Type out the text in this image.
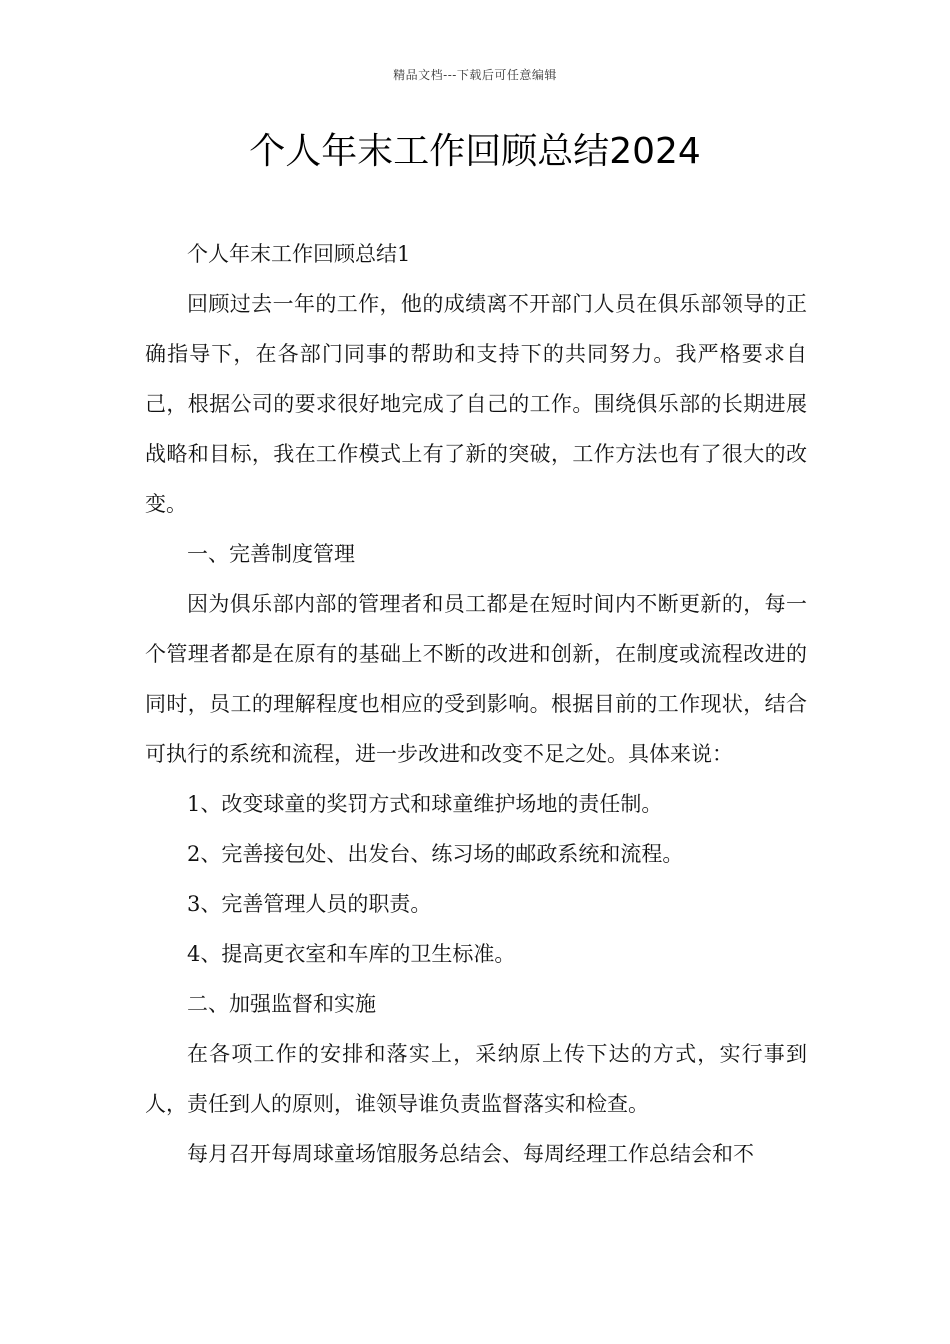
精品文档---下载后可任意编辑
个人年末工作回顾总结2024

个人年末工作回顾总结1

回顾过去一年的工作，他的成绩离不开部门人员在俱乐部领导的正确指导下，在各部门同事的帮助和支持下的共同努力。我严格要求自己，根据公司的要求很好地完成了自己的工作。围绕俱乐部的长期进展战略和目标，我在工作模式上有了新的突破，工作方法也有了很大的改变。

一、完善制度管理

因为俱乐部内部的管理者和员工都是在短时间内不断更新的，每一个管理者都是在原有的基础上不断的改进和创新，在制度或流程改进的同时，员工的理解程度也相应的受到影响。根据目前的工作现状，结合可执行的系统和流程，进一步改进和改变不足之处。具体来说：

1、改变球童的奖罚方式和球童维护场地的责任制。

2、完善接包处、出发台、练习场的邮政系统和流程。

3、完善管理人员的职责。

4、提高更衣室和车库的卫生标准。

二、加强监督和实施

在各项工作的安排和落实上，采纳原上传下达的方式，实行事到人，责任到人的原则，谁领导谁负责监督落实和检查。

每月召开每周球童场馆服务总结会、每周经理工作总结会和不
